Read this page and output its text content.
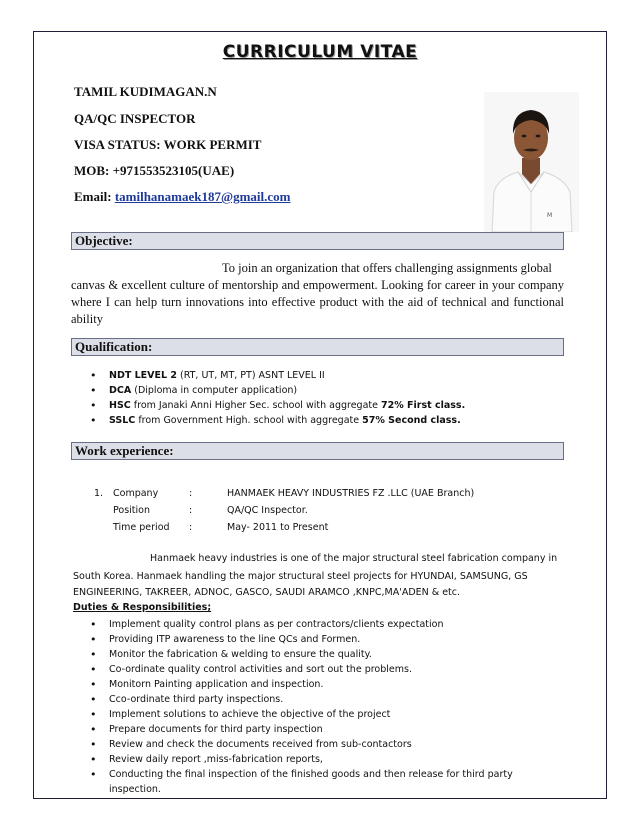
CURRICULUM VITAE
TAMIL KUDIMAGAN.N
QA/QC INSPECTOR
VISA STATUS: WORK PERMIT
MOB: +971553523105(UAE)
Email: tamilhanamaek187@gmail.com
M
Objective:
To join an organization that offers challenging assignments global
canvas & excellent culture of mentorship and empowerment. Looking for career in your company where I can help turn innovations into effective product with the aid of technical and functional ability
Qualification:
• NDT LEVEL 2 (RT, UT, MT, PT) ASNT LEVEL II
• DCA (Diploma in computer application)
• HSC from Janaki Anni Higher Sec. school with aggregate 72% First class.
• SSLC from Government High. school with aggregate 57% Second class.
Work experience:
1. Company	:	HANMAEK HEAVY INDUSTRIES FZ .LLC (UAE Branch)
Position	:	QA/QC Inspector.
Time period :	May- 2011 to Present
Hanmaek heavy industries is one of the major structural steel fabrication company in
South Korea. Hanmaek handling the major structural steel projects for HYUNDAI, SAMSUNG, GS
ENGINEERING, TAKREER, ADNOC, GASCO, SAUDI ARAMCO ,KNPC,MA'ADEN & etc.
Duties & Responsibilities;
• Implement quality control plans as per contractors/clients expectation
• Providing ITP awareness to the line QCs and Formen.
• Monitor the fabrication & welding to ensure the quality.
• Co-ordinate quality control activities and sort out the problems.
• Monitorn Painting application and inspection.
• Cco-ordinate third party inspections.
• Implement solutions to achieve the objective of the project
• Prepare documents for third party inspection
• Review and check the documents received from sub-contactors
• Review daily report ,miss-fabrication reports,
• Conducting the final inspection of the finished goods and then release for third party inspection.
